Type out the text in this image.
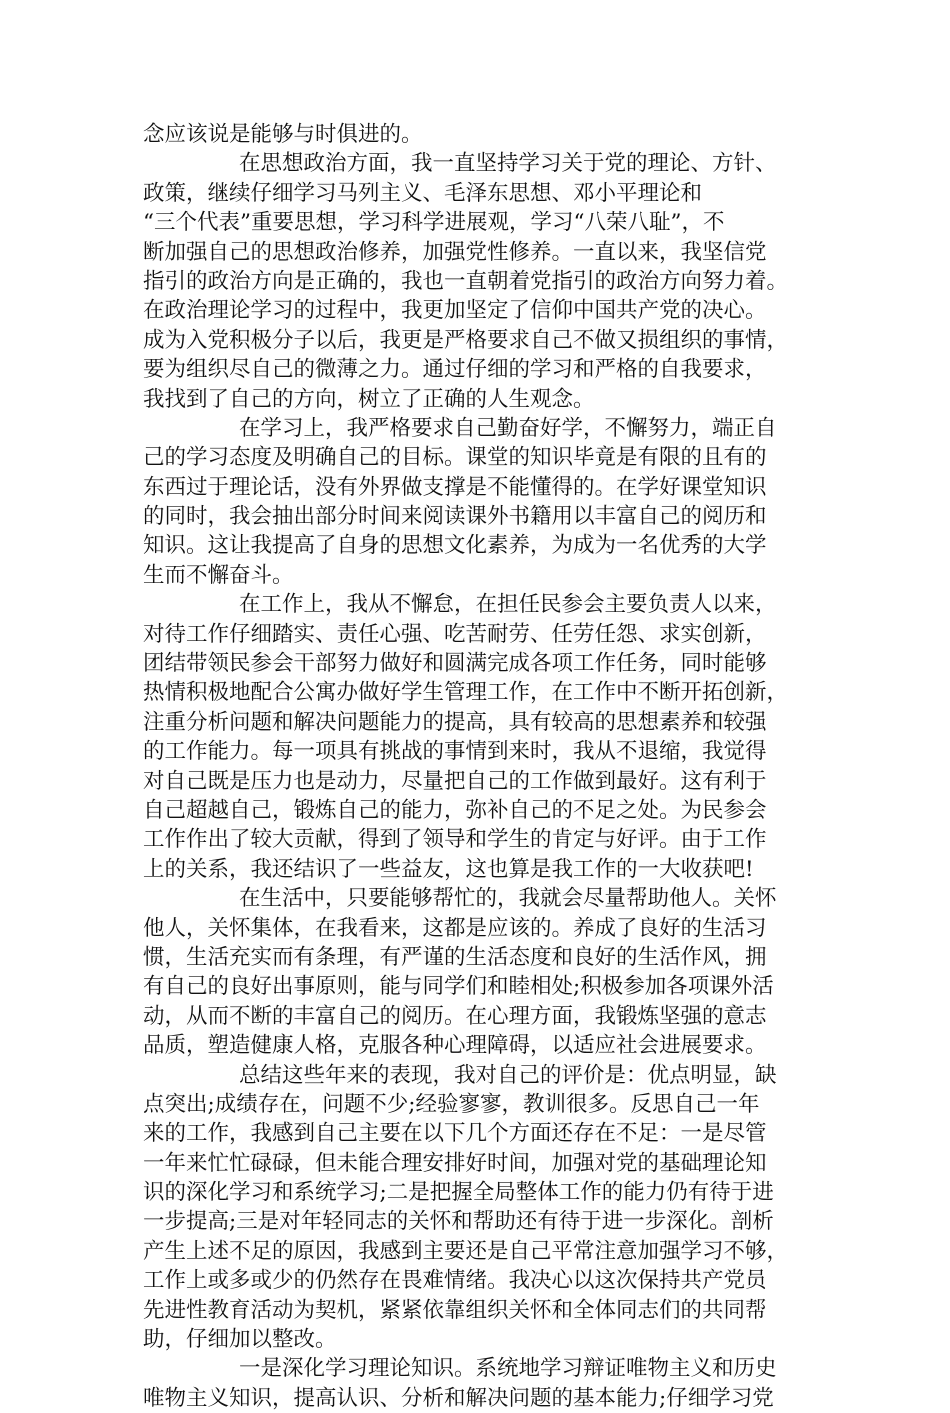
念应该说是能够与时俱进的。
在思想政治方面，我一直坚持学习关于党的理论、方针、
政策，继续仔细学习马列主义、毛泽东思想、邓小平理论和
“三个代表”重要思想，学习科学进展观，学习“八荣八耻”，不
断加强自己的思想政治修养，加强党性修养。一直以来，我坚信党
指引的政治方向是正确的，我也一直朝着党指引的政治方向努力着。
在政治理论学习的过程中，我更加坚定了信仰中国共产党的决心。
成为入党积极分子以后，我更是严格要求自己不做又损组织的事情，
要为组织尽自己的微薄之力。通过仔细的学习和严格的自我要求，
我找到了自己的方向，树立了正确的人生观念。
在学习上，我严格要求自己勤奋好学，不懈努力，端正自
己的学习态度及明确自己的目标。课堂的知识毕竟是有限的且有的
东西过于理论话，没有外界做支撑是不能懂得的。在学好课堂知识
的同时，我会抽出部分时间来阅读课外书籍用以丰富自己的阅历和
知识。这让我提高了自身的思想文化素养，为成为一名优秀的大学
生而不懈奋斗。
在工作上，我从不懈怠，在担任民参会主要负责人以来，
对待工作仔细踏实、责任心强、吃苦耐劳、任劳任怨、求实创新，
团结带领民参会干部努力做好和圆满完成各项工作任务，同时能够
热情积极地配合公寓办做好学生管理工作，在工作中不断开拓创新，
注重分析问题和解决问题能力的提高，具有较高的思想素养和较强
的工作能力。每一项具有挑战的事情到来时，我从不退缩，我觉得
对自己既是压力也是动力，尽量把自己的工作做到最好。这有利于
自己超越自己，锻炼自己的能力，弥补自己的不足之处。为民参会
工作作出了较大贡献，得到了领导和学生的肯定与好评。由于工作
上的关系，我还结识了一些益友，这也算是我工作的一大收获吧!
在生活中，只要能够帮忙的，我就会尽量帮助他人。关怀
他人，关怀集体，在我看来，这都是应该的。养成了良好的生活习
惯，生活充实而有条理，有严谨的生活态度和良好的生活作风，拥
有自己的良好出事原则，能与同学们和睦相处;积极参加各项课外活
动，从而不断的丰富自己的阅历。在心理方面，我锻炼坚强的意志
品质，塑造健康人格，克服各种心理障碍，以适应社会进展要求。
总结这些年来的表现，我对自己的评价是：优点明显，缺
点突出;成绩存在，问题不少;经验寥寥，教训很多。反思自己一年
来的工作，我感到自己主要在以下几个方面还存在不足：一是尽管
一年来忙忙碌碌，但未能合理安排好时间，加强对党的基础理论知
识的深化学习和系统学习;二是把握全局整体工作的能力仍有待于进
一步提高;三是对年轻同志的关怀和帮助还有待于进一步深化。剖析
产生上述不足的原因，我感到主要还是自己平常注意加强学习不够，
工作上或多或少的仍然存在畏难情绪。我决心以这次保持共产党员
先进性教育活动为契机，紧紧依靠组织关怀和全体同志们的共同帮
助，仔细加以整改。
一是深化学习理论知识。系统地学习辩证唯物主义和历史
唯物主义知识，提高认识、分析和解决问题的基本能力;仔细学习党
